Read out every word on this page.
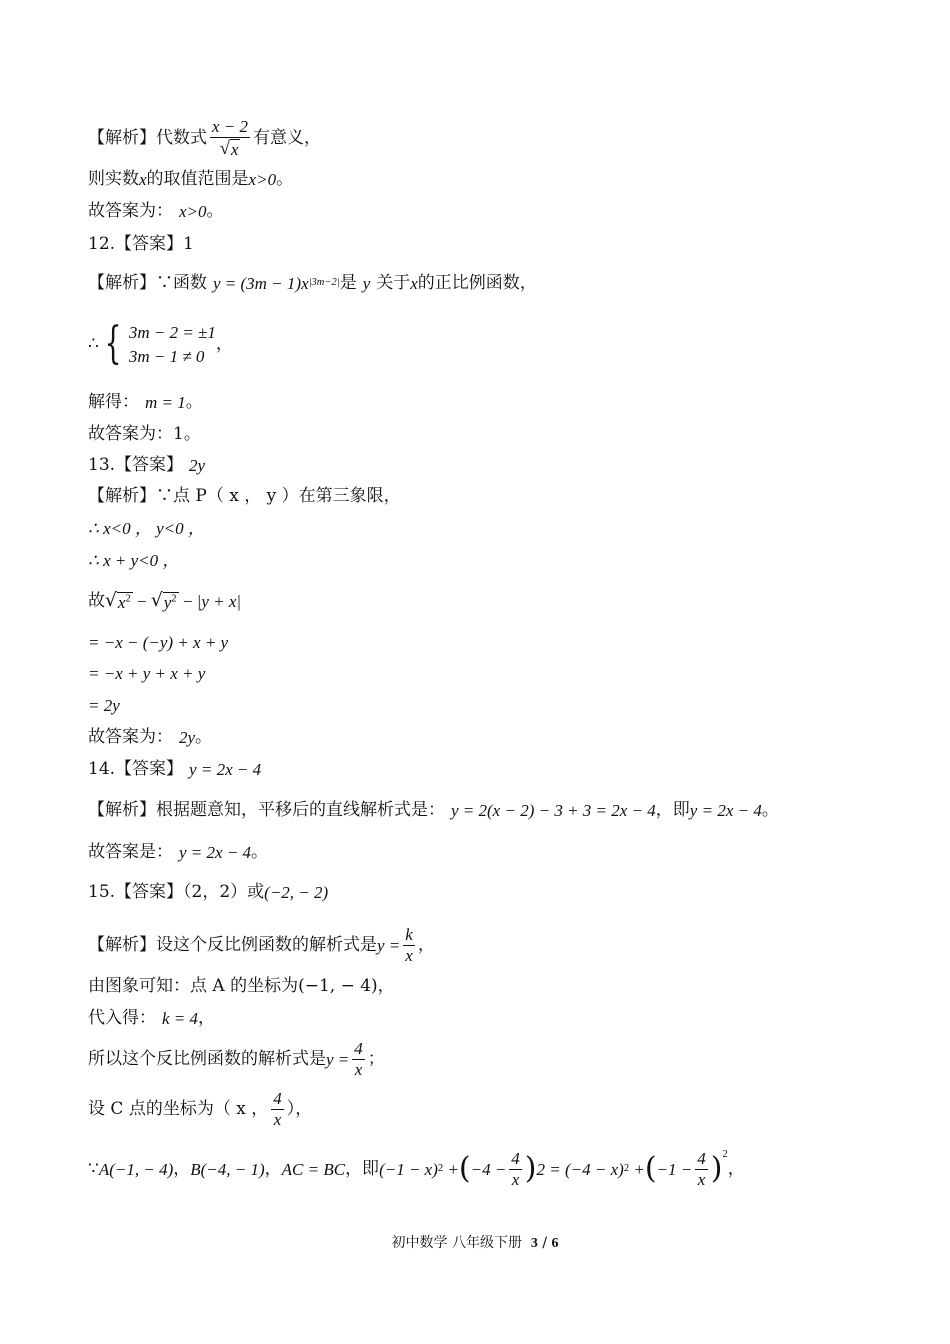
【解析】代数式 $\frac{x - 2}{√ x}$ 有意义，
则实数 x 的取值范围是 x>0 。
故答案为： x>0 。
12.【答案】1
【解析】∵函数 y = (3m − 1)x |3m−2| 是 y 关于 x 的正比例函数，
∴ { 3m − 2 = ±1
3m − 1 ≠ 0
，
解得： m = 1 。
故答案为：1。
13.【答案】 2y
【解析】∵点 P（ x ， y ）在第三象限，
∴ x<0 ， y<0 ，
∴ x + y<0 ，
故 √ $x^2$ − √ $y^2 - |y + x|$
= −x − (−y) + x + y
= −x + y + x + y
= 2y
故答案为： 2y 。
14.【答案】 y = 2x − 4
【解析】根据题意知，平移后的直线解析式是： y = 2(x − 2) − 3 + 3 = 2x − 4 ，即 y = 2x − 4 。
故答案是： y = 2x − 4 。
15.【答案】（2，2）或 (−2, − 2)
【解析】设这个反比例函数的解析式是 $y = \frac{k}{x}$ ，
由图象可知：点 A 的坐标为(−1, − 4)，
代入得： k = 4 ，
所以这个反比例函数的解析式是 $y = \frac{4}{x}$ ；
设 C 点的坐标为（ x ， $\frac{4}{x}$ ），
∵ A(−1, − 4) ， B(−4, − 1) ， AC = BC ，即 (−1 − x) 2
+ ( $-4 - \frac{4}{x}$ ) 2 = (−4 − x) 2
+ ( $-1 - \frac{4}{x} )^2$
，
初中数学 八年级下册 3 / 6
